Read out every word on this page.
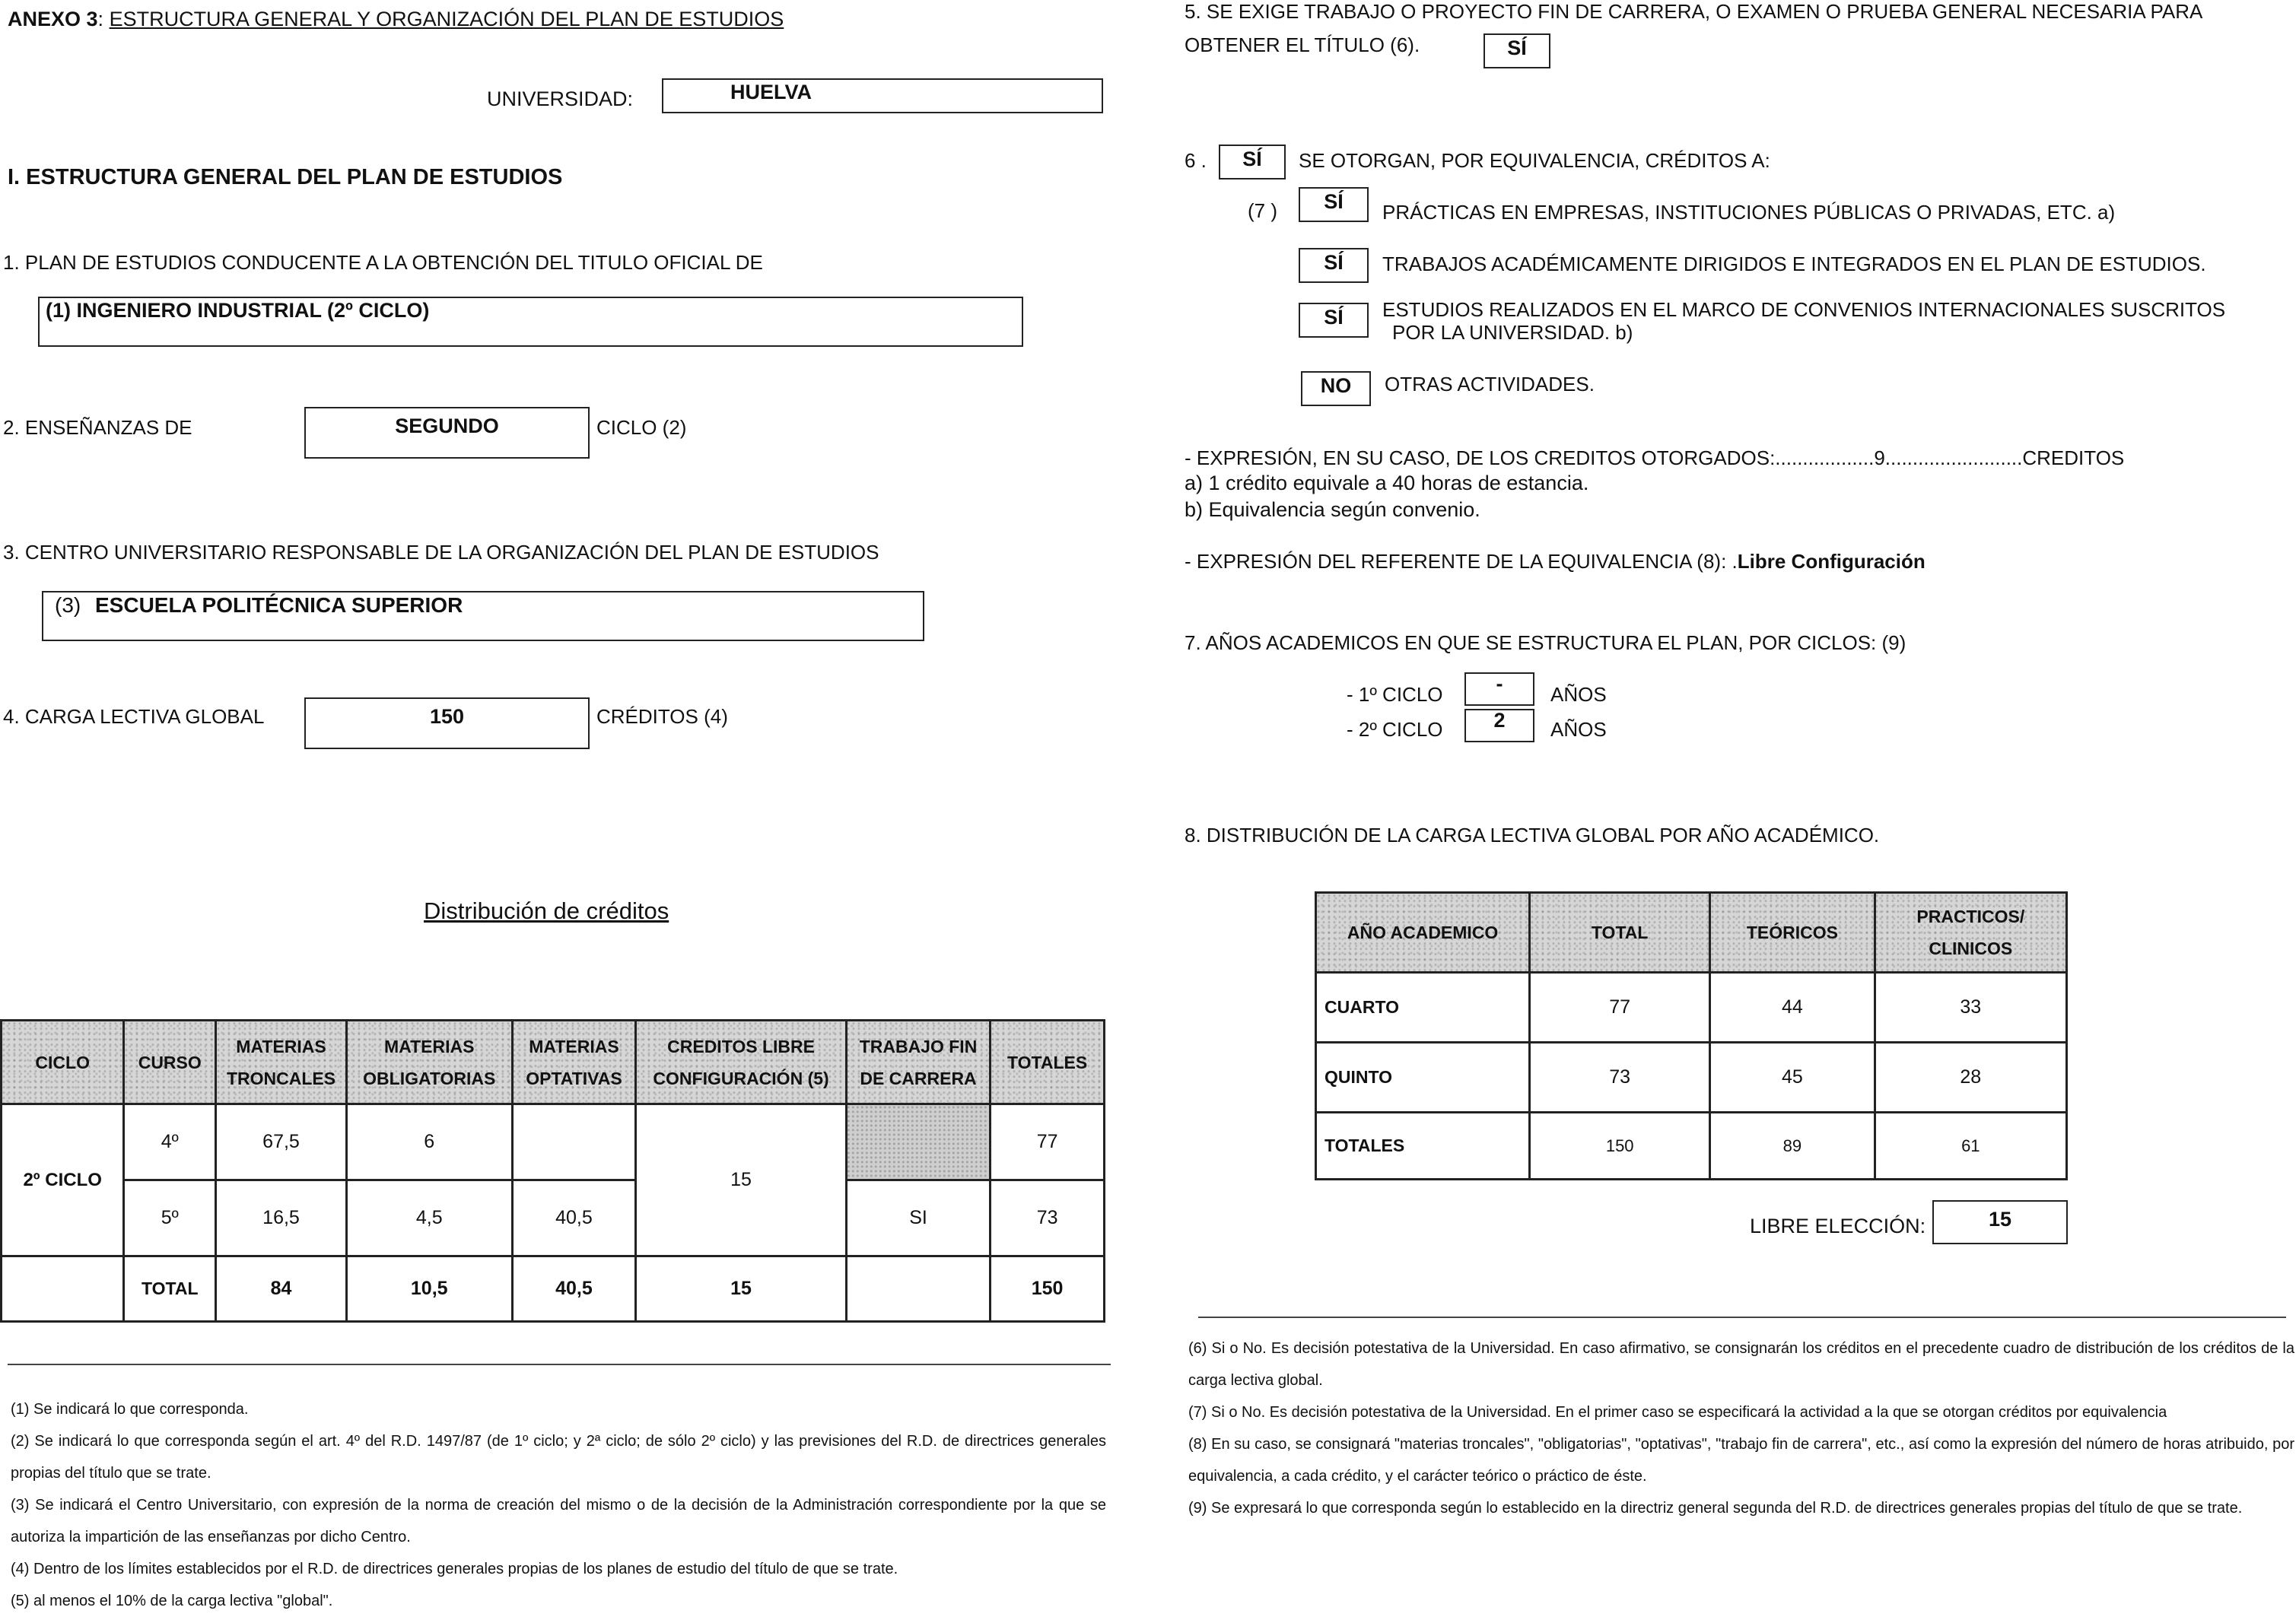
ANEXO 3: ESTRUCTURA GENERAL Y ORGANIZACIÓN DEL PLAN DE ESTUDIOS
UNIVERSIDAD:	HUELVA
I. ESTRUCTURA GENERAL DEL PLAN DE ESTUDIOS
1. PLAN DE ESTUDIOS CONDUCENTE A LA OBTENCIÓN DEL TITULO OFICIAL DE
(1) INGENIERO INDUSTRIAL (2º CICLO)
2. ENSEÑANZAS DE	SEGUNDO	CICLO (2)
3. CENTRO UNIVERSITARIO RESPONSABLE DE LA ORGANIZACIÓN DEL PLAN DE ESTUDIOS
(3) ESCUELA POLITÉCNICA SUPERIOR
4. CARGA LECTIVA GLOBAL	150	CRÉDITOS (4)
Distribución de créditos
CICLO	CURSO	MATERIAS TRONCALES	MATERIAS OBLIGATORIAS	MATERIAS OPTATIVAS	CREDITOS LIBRE CONFIGURACIÓN (5)	TRABAJO FIN DE CARRERA	TOTALES
2º CICLO	4º	67,5	6		15		77
	5º	16,5	4,5	40,5		SI	73
	TOTAL	84	10,5	40,5	15		150
(1) Se indicará lo que corresponda.
(2) Se indicará lo que corresponda según el art. 4º del R.D. 1497/87 (de 1º ciclo; y 2ª ciclo; de sólo 2º ciclo) y las previsiones del R.D. de directrices generales propias del título que se trate.
(3) Se indicará el Centro Universitario, con expresión de la norma de creación del mismo o de la decisión de la Administración correspondiente por la que se autoriza la impartición de las enseñanzas por dicho Centro.
(4) Dentro de los límites establecidos por el R.D. de directrices generales propias de los planes de estudio del título de que se trate.
(5) al menos el 10% de la carga lectiva "global".
5. SE EXIGE TRABAJO O PROYECTO FIN DE CARRERA, O EXAMEN O PRUEBA GENERAL NECESARIA PARA
OBTENER EL TÍTULO (6).	SÍ
6 .	SÍ	SE OTORGAN, POR EQUIVALENCIA, CRÉDITOS A:
(7 )	SÍ	PRÁCTICAS EN EMPRESAS, INSTITUCIONES PÚBLICAS O PRIVADAS, ETC. a)
SÍ	TRABAJOS ACADÉMICAMENTE DIRIGIDOS E INTEGRADOS EN EL PLAN DE ESTUDIOS.
SÍ	ESTUDIOS REALIZADOS EN EL MARCO DE CONVENIOS INTERNACIONALES SUSCRITOS
POR LA UNIVERSIDAD. b)
NO	OTRAS ACTIVIDADES.
- EXPRESIÓN, EN SU CASO, DE LOS CREDITOS OTORGADOS:..................9.........................CREDITOS
a) 1 crédito equivale a 40 horas de estancia.
b) Equivalencia según convenio.
- EXPRESIÓN DEL REFERENTE DE LA EQUIVALENCIA (8): .Libre Configuración
7. AÑOS ACADEMICOS EN QUE SE ESTRUCTURA EL PLAN, POR CICLOS: (9)
- 1º CICLO	-	AÑOS
- 2º CICLO	2	AÑOS
8. DISTRIBUCIÓN DE LA CARGA LECTIVA GLOBAL POR AÑO ACADÉMICO.
AÑO ACADEMICO	TOTAL	TEÓRICOS	PRACTICOS/ CLINICOS
CUARTO	77	44	33
QUINTO	73	45	28
TOTALES	150	89	61
LIBRE ELECCIÓN:	15
(6) Si o No. Es decisión potestativa de la Universidad. En caso afirmativo, se consignarán los créditos en el precedente cuadro de distribución de los créditos de la carga lectiva global.
(7) Si o No. Es decisión potestativa de la Universidad. En el primer caso se especificará la actividad a la que se otorgan créditos por equivalencia
(8) En su caso, se consignará "materias troncales", "obligatorias", "optativas", "trabajo fin de carrera", etc., así como la expresión del número de horas atribuido, por equivalencia, a cada crédito, y el carácter teórico o práctico de éste.
(9) Se expresará lo que corresponda según lo establecido en la directriz general segunda del R.D. de directrices generales propias del título de que se trate.
